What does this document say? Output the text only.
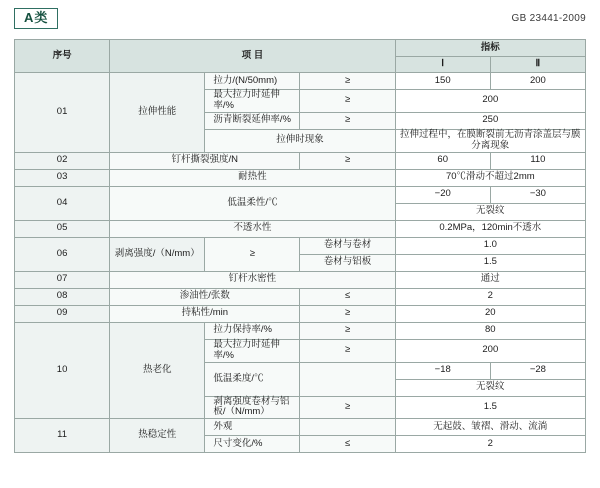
A类	GB 23441-2009
序号	项 目			指标	
				Ⅰ	Ⅱ
01	拉伸性能	拉力/(N/50mm)	≥	150	200
		最大拉力时延伸率/%	≥	200	
		沥青断裂延伸率/%	≥	250	
		拉伸时现象		拉伸过程中，在膜断裂前无沥青涂盖层与膜分离现象	
02	钉杆撕裂强度/N		≥	60	110
03	耐热性			70℃滑动不超过2mm	
04	低温柔性/℃			−20	−30
				无裂纹	
05	不透水性			0.2MPa，120min不透水	
06	剥离强度/（N/mm）	≥	卷材与卷材	1.0	
			卷材与铝板	1.5	
07	钉杆水密性			通过	
08	渗油性/张数		≤	2	
09	持粘性/min		≥	20	
10	热老化	拉力保持率/%	≥	80	
		最大拉力时延伸率/%	≥	200	
		低温柔度/℃		−18	−28
				无裂纹	
		剥离强度卷材与铝板/（N/mm）	≥	1.5	
11	热稳定性	外观		无起鼓、皱褶、滑动、流淌	
		尺寸变化/%	≤	2	
